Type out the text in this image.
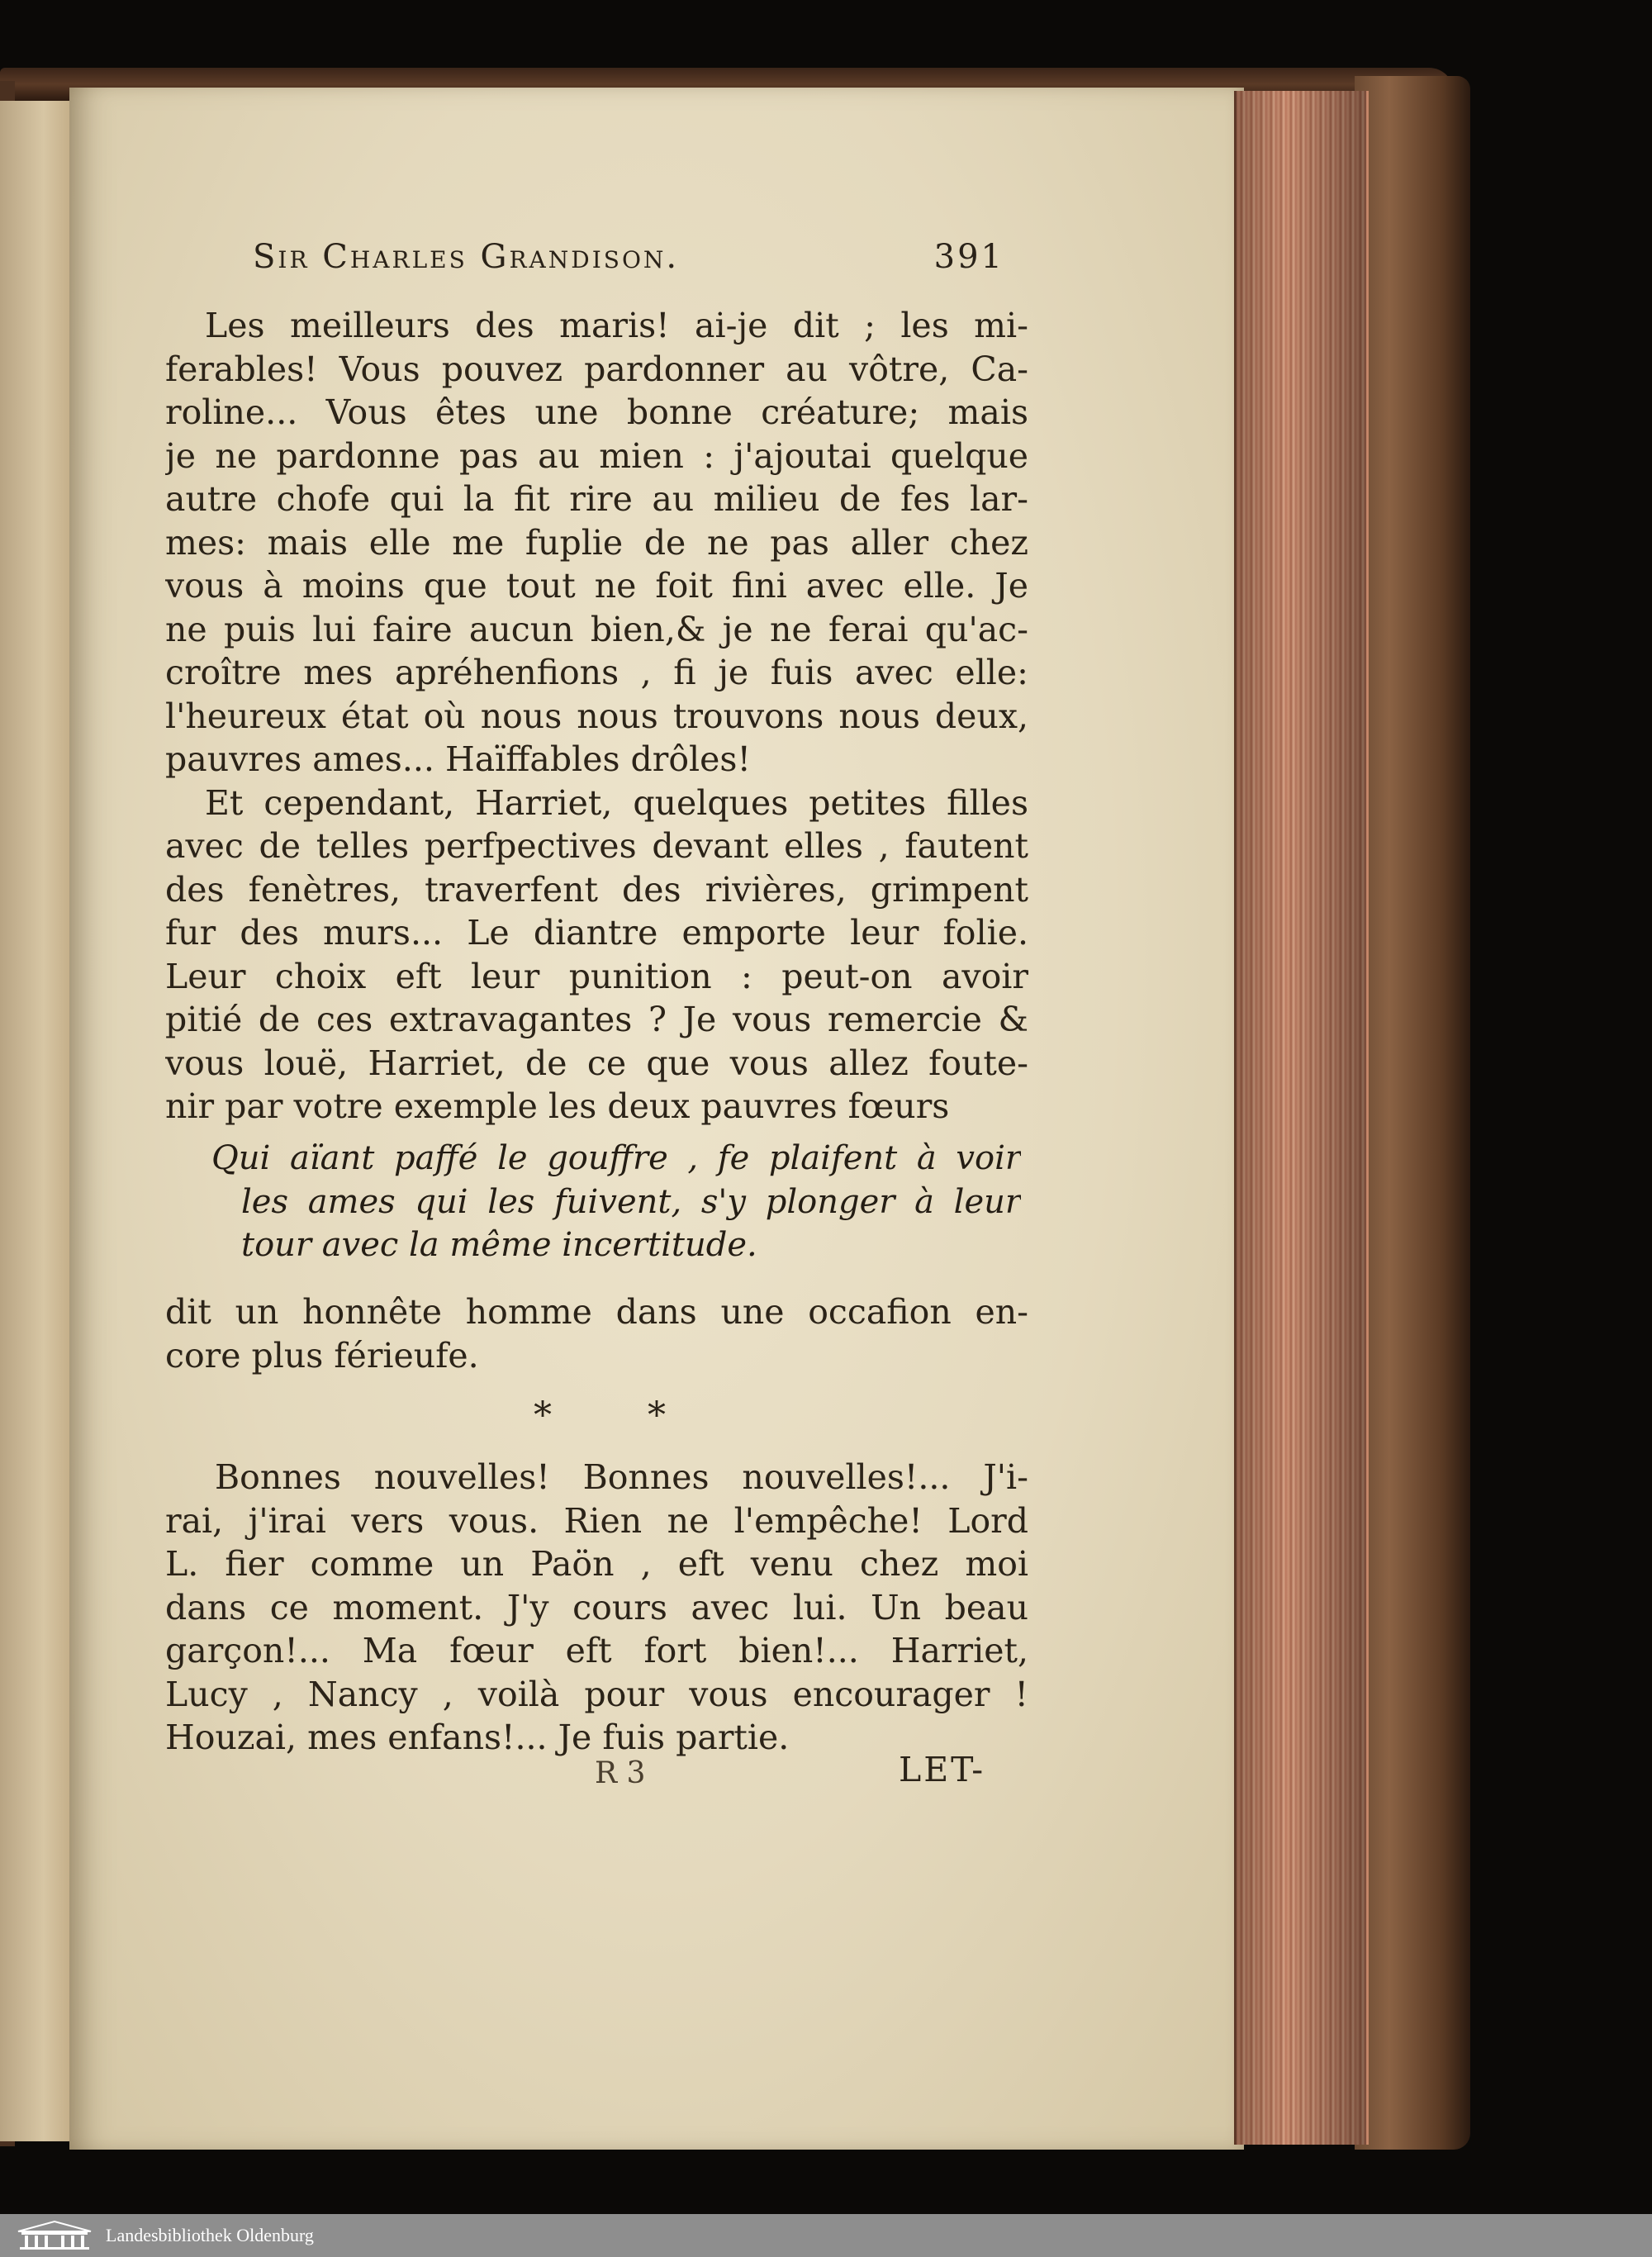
Sir Charles Grandison.	391
Les meilleurs des maris! ai-je dit ; les mi-
ferables! Vous pouvez pardonner au vôtre, Ca-
roline... Vous êtes une bonne créature; mais
je ne pardonne pas au mien : j'ajoutai quelque
autre chofe qui la fit rire au milieu de fes lar-
mes: mais elle me fuplie de ne pas aller chez
vous à moins que tout ne foit fini avec elle. Je
ne puis lui faire aucun bien,& je ne ferai qu'ac-
croître mes apréhenfions , fi je fuis avec elle:
l'heureux état où nous nous trouvons nous deux,
pauvres ames... Haïffables drôles!
Et cependant, Harriet, quelques petites filles
avec de telles perfpectives devant elles , fautent
des fenètres, traverfent des rivières, grimpent
fur des murs... Le diantre emporte leur folie.
Leur choix eft leur punition : peut-on avoir
pitié de ces extravagantes ? Je vous remercie &
vous louë, Harriet, de ce que vous allez foute-
nir par votre exemple les deux pauvres fœurs
Qui aïant paffé le gouffre , fe plaifent à voir
les ames qui les fuivent, s'y plonger à leur
tour avec la même incertitude.
dit un honnête homme dans une occafion en-
core plus férieufe.
*	*
Bonnes nouvelles! Bonnes nouvelles!... J'i-
rai, j'irai vers vous. Rien ne l'empêche! Lord
L. fier comme un Paön , eft venu chez moi
dans ce moment. J'y cours avec lui. Un beau
garçon!... Ma fœur eft fort bien!... Harriet,
Lucy , Nancy , voilà pour vous encourager !
Houzai, mes enfans!... Je fuis partie.
R 3	LET-
Landesbibliothek Oldenburg
